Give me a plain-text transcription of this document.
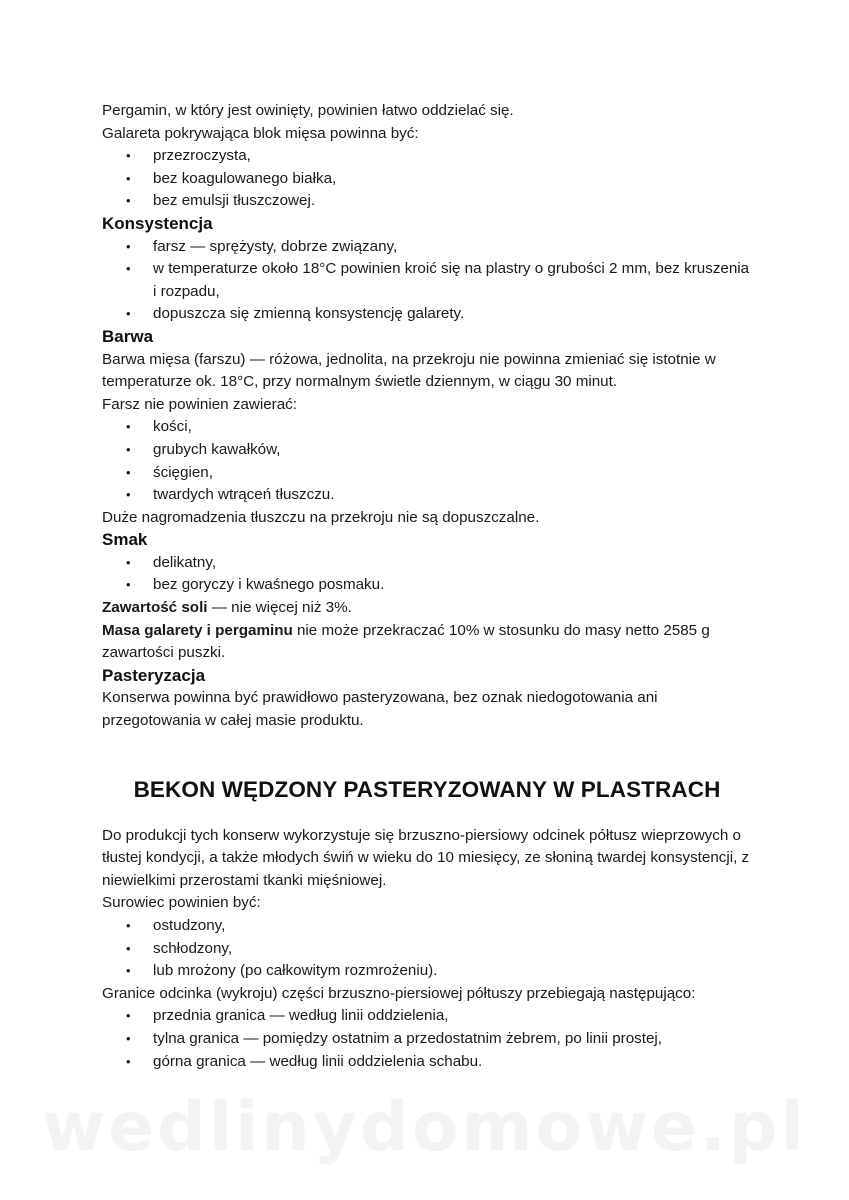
Pergamin, w który jest owinięty, powinien łatwo oddzielać się.

Galareta pokrywająca blok mięsa powinna być:

• przezroczysta,
• bez koagulowanego białka,
• bez emulsji tłuszczowej.
Konsystencja
• farsz — sprężysty, dobrze związany,
• w temperaturze około 18°C powinien kroić się na plastry o grubości 2 mm, bez kruszenia i rozpadu,
• dopuszcza się zmienną konsystencję galarety.
Barwa

Barwa mięsa (farszu) — różowa, jednolita, na przekroju nie powinna zmieniać się istotnie w temperaturze ok. 18°C, przy normalnym świetle dziennym, w ciągu 30 minut.

Farsz nie powinien zawierać:

• kości,
• grubych kawałków,
• ścięgien,
• twardych wtrąceń tłuszczu.

Duże nagromadzenia tłuszczu na przekroju nie są dopuszczalne.

Smak
• delikatny,
• bez goryczy i kwaśnego posmaku.

Zawartość soli — nie więcej niż 3%.

Masa galarety i pergaminu nie może przekraczać 10% w stosunku do masy netto 2585 g zawartości puszki.

Pasteryzacja

Konserwa powinna być prawidłowo pasteryzowana, bez oznak niedogotowania ani przegotowania w całej masie produktu.

BEKON WĘDZONY PASTERYZOWANY W PLASTRACH

Do produkcji tych konserw wykorzystuje się brzuszno-piersiowy odcinek półtusz wieprzowych o tłustej kondycji, a także młodych świń w wieku do 10 miesięcy, ze słoniną twardej konsystencji, z niewielkimi przerostami tkanki mięśniowej.

Surowiec powinien być:

• ostudzony,
• schłodzony,
• lub mrożony (po całkowitym rozmrożeniu).

Granice odcinka (wykroju) części brzuszno-piersiowej półtuszy przebiegają następująco:

• przednia granica — według linii oddzielenia,
• tylna granica — pomiędzy ostatnim a przedostatnim żebrem, po linii prostej,
• górna granica — według linii oddzielenia schabu.
wedlinydomowe.pl
